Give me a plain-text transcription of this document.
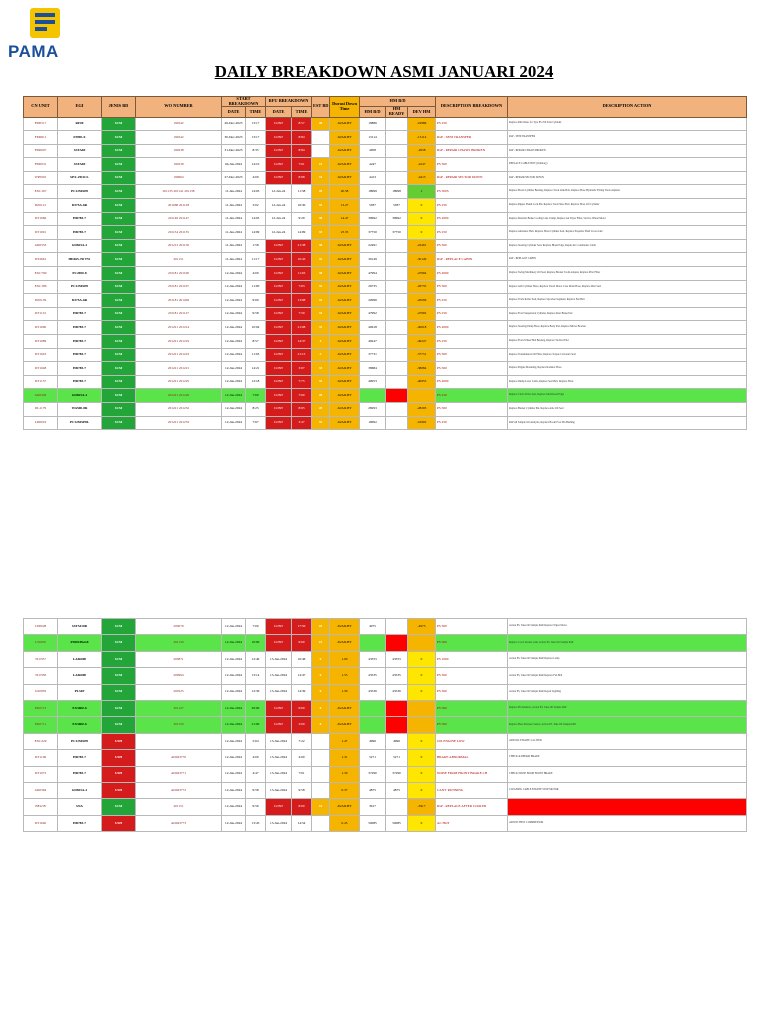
PAMA
DAILY BREAKDOWN ASMI JANUARI 2024
CN UNIT	EGI	JENIS BD	WO NUMBER	START BREAKDOWN		RFU BREAKDOWN		EST BD	Durasi Down Time	HM B/D			DESCRIPTION BREAKDOWN	DESCRIPTION ACTION
				DATE	TIME	DATE	TIME			HM B/D	HM READY	DEV HM		
FM0517	RF00	SCM	190242	26-Dec-2023	13:17	CONT	8:57	48	AVAILBY	19886		-19986	PS 250	Replace Rim Outer for Tyre PS 250 Strut Cylinder
FM0611	FM90-X	SCM	190242	30-Dec-2023	13:17	CONT	8:84		AVAILBY	13114		-13114	RxP - SENI TRANSFER	RxP - SENI TRANSFER
FM0007	SSTA69	SCM	190238	31-Dec-2023	8:35	CONT	8:84		AVAILBY	4958		-4958	RxP - REPAIR CHASIS BROKEN	RxP - REPAIR CHASIS BROKEN
FM0031	SSTA69	SCM	190239	04-Jan-2024	14:10	CONT	7:01	21	AVAILBY	4247		-4247	PS 500	REPLACE CABLE HOT (Ordinary)
WP0591	SPX-ZD1CL	SCM	190964	27-Dec-2023	4:00	CONT	8:98	31	AVAILBY	4413		-4413	RxP - REPAIR SECTOR DOWN	RxP - REPAIR SECTOR DOWN
EXC167	PC1250SP8	SCM	201135 201141 201138	11-Jan-2024	14:03	12-Jan-24	11:38	20	20.58	18999	18998	1	PS 500S	Replace Boom Cylinder Bearing, Replace Track Link Bolt, Replace Hose Hydraulic Fitting Track Adjuster
DZ0121	D375A-6R	SCM	201068 201128	11-Jan-2024	3:02	12-Jan-24	16:30	33	13.27	5937	5937	0	PS 250	Replace Ripper Shank Lock Pin, Replace Track Shoe Bolt, Replace Hose Lift Cylinder
DT1066	HD785-7	SCM	201146 201147	11-Jan-2024	14:03	12-Jan-24	9:29	38	14.47	39992	39992	0	PS 2000	Replace Retarder Brake Cooling Line Clamp, Replace Air Dryer Filter, Service Wheel Motor
DT1091	HD785-7	SCM	201134 201135	11-Jan-2024	14:09	12-Jan-24	14:09	33	23.35	37750	37750	0	PS 250	Replace Alternator Belt, Replace Hoist Cylinder Seal, Replace Propeller Shaft Cross Joint
GR0353	GD825A-2	SCM	201213 201150	11-Jan-2024	1:58	CONT	21:38	38	AVAILBY	22491		-22491	PS 500	Replace Steering Cylinder Seal, Replace Blade Edge, Repair Air Conditioner Cabin
DT2661	HD465-7R TW	SCM	201151	11-Jan-2024	11:17	CONT	10:43	33	AVAILBY	30149		-30149	RxP - REPLACE CABIN	RxP - REPLACE CABIN
EXC799	PC2000-8	SCM	201181 201190	12-Jan-2024	4:00	CONT	11:03	38	AVAILBY	47994		-47994	PS 2000	Replace Swing Machinery Oil Seal, Replace Bucket Tooth Adapter, Replace Pilot Filter
EXC186	PC1250SP8	SCM	201181 201197	12-Jan-2024	11:00	CONT	7:63	33	AVAILBY	26735		-26735	PS 500	Replace Arm Cylinder Hose, Replace Travel Motor Case Drain Hose, Replace Idler Seal
DZ0139	D375A-6R	SCM	201181 201206	12-Jan-2024	9:09	CONT	13:98	33	AVAILBY	20096		-20096	PS 250	Replace Track Roller Seal, Replace Sprocket Segment, Replace Fan Belt
DT1101	HD785-7	SCM	201181 201127	12-Jan-2024	9:58	CONT	7:59	33	AVAILBY	47992		-47992	PS 250	Replace Front Suspension Cylinder, Replace Rear Brake Pad
DT1090	HD785-7	SCM	201221 201214	12-Jan-2024	10:04	CONT	21:08	33	AVAILBY	40618		-40618	PS 2000	Replace Steering Pump Hose, Replace Body Pad, Replace Mirror Bracket
DT1089	HD785-7	SCM	201221 201219	12-Jan-2024	8:57	CONT	14:37	4	AVAILBY	49247		-49247	PS 250	Replace Front Wheel Hub Bearing, Replace Tie Rod End
DT1043	HD785-7	SCM	201221 201223	12-Jan-2024	11:03	CONT	21:13	3	AVAILBY	37731		-37731	PS 500	Replace Transmission Oil Filter, Replace Torque Converter Seal
DT1048	HD785-7	SCM	201221 201221	12-Jan-2024	14:21	CONT	3:07	33	AVAILBY	38684		-38684	PS 500	Replace Engine Mounting, Replace Radiator Hose
DT1137	HD785-7	SCM	201221 201225	12-Jan-2024	12:18	CONT	7:75	33	AVAILBY	40953		-40953	PS 2000	Replace Dump Lever Cable, Replace Seat Belt, Replace Horn
GR0329	GD825A-2	SCM	201221 201226	12-Jan-2024	7:00	CONT	7:00	28	AVAILBY				PS 250	Replace Circle Drive Seal, Replace Moldboard Edge
DL1179	WA500-8R	SCM	201221 201232	12-Jan-2024	8:25	CONT	8:05	28	AVAILBY	28293		-28293	PS 500	Replace Bucket Cylinder Pin, Replace Axle Oil Seal
LD0019	PC1250SP8L	SCM	201221 201233	12-Jan-2024	7:67	CONT	3:47	33	AVAILBY	16992		-16992	PS 250	PAP All Sample Oil Analysis, Replace Boom Foot Pin Bushing
CD0028	SST5410R	SCM	200079	12-Jan-2024	7:00	CONT	17:50	20	AVAILBY	4975		-4975	PS 500	Action PS, Take Oil Sample PAP, Replace Wiper Motor
LS0250	P380CBtex8	SCM	201130	12-Jan-2024	10:00	CONT	6:00	23	AVAILBY				PS 500	Replace Cover Rocker Arm, Action PS, Take Oil Sample PAP
TL0357	LA66000	SCM	200871	12-Jan-2024	12:40	13-Jan-2024	16:46	9	1.00	43553	43553	0	PS 1000	Action PS, Take Oil Sample PAP, Replace Lamp
TL0358	LA66000	SCM	200994	12-Jan-2024	13:14	13-Jan-2024	14:47	6	1.55	43535	43535	0	PS 500	Action PS, Take Oil Sample PAP, Replace Fan Belt
GS0059	PL34P	SCM	200225	12-Jan-2024	12:36	13-Jan-2024	14:39	6	1.59	43539	43539	0	PS 500	Action PS, Take Oil Sample PAP, Repair Lighting
EK0713	EX3600-6	SCM	201147	12-Jan-2024	20:00	CONT	6:00	6	AVAILBY				PS 500	Replace Pin Radiator, Action PS, Take Oil Sample PAP
EK0711	EX3600-6	SCM	201150	12-Jan-2024	21:00	CONT	3:00	6	AVAILBY				PS 500	Replace Hose Pressure Sensor, Action PS, Take Oil Sample PAP
EXC229	PC1250SP8	USH		12-Jan-2024	5:04	13-Jan-2024	7:22		1.47	4996	4996	0	OIL ENGINE LOW	ADD OIL ENGINE 2.4 LITER
DT1109	HD785-7	USH	AD043770	12-Jan-2024	4:00	13-Jan-2024	4:00		1.31	5271	5271	0	BRAKE ABNORMAL	CHECK & REPAIR BRAKE
DT1072	HD785-7	USH	AD043771	12-Jan-2024	4:47	13-Jan-2024	7:01		1.30	37290	37290	0	NOISE FROM FRONT BRAKE LH	CHECK NOISE FROM FRONT BRAKE
GR0364	GD825A-2	USH	AD043772	12-Jan-2024	9:58	13-Jan-2024	9:58		0.37	4875	4875	0	CAN'T RUNNING	CLEANING CABLE ENGINE STOP MOTOR
BEG58	SNA	SCM	201151	12-Jan-2024	9:56	CONT	8:00	33	AVAILBY	3917		-3917	RxP - REPLACE AFTER COOLER	
DT1040	HD785-7	USH	AD043773	12-Jan-2024	13:45	13-Jan-2024	14:54		0.45	50085	50085	0	AC HOT	ADJUST BELT COMPRESSOR
